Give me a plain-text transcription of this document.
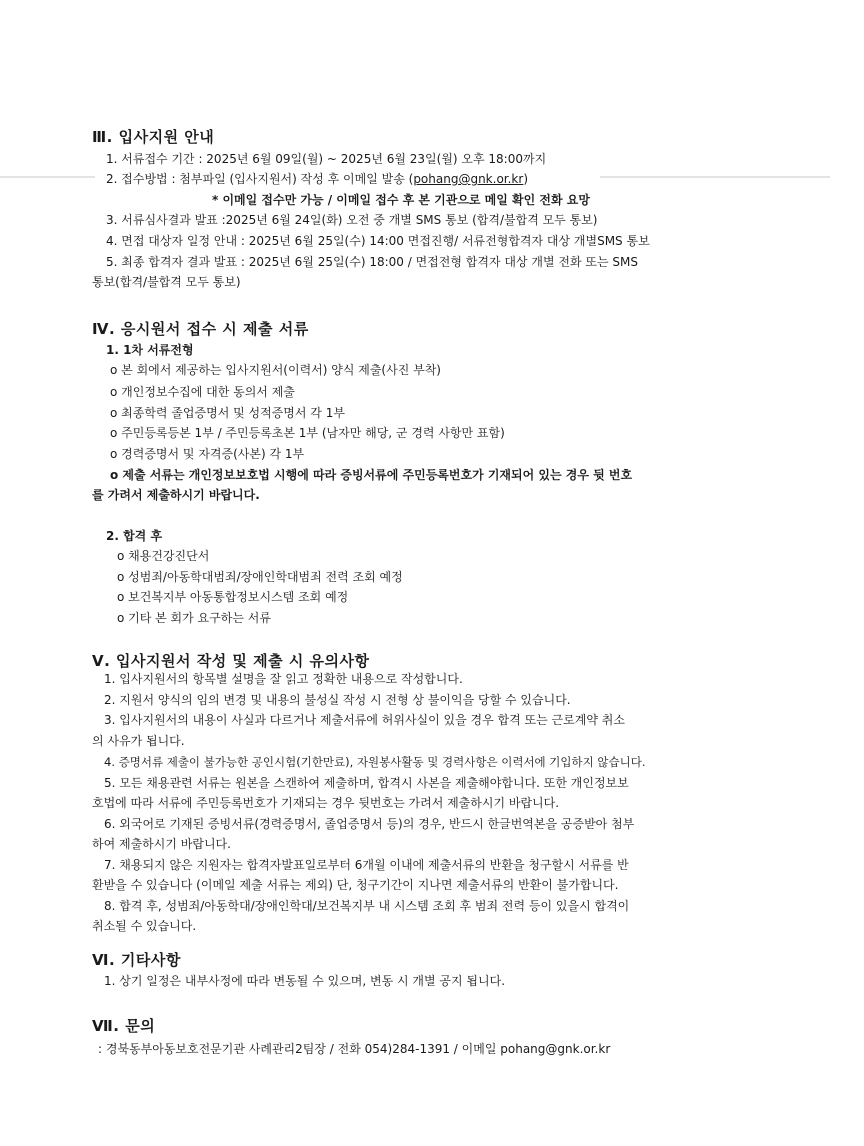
Ⅲ. 입사지원 안내
1. 서류접수 기간 : 2025년 6월 09일(월) ~ 2025년 6월 23일(월) 오후 18:00까지
2. 접수방법 : 첨부파일 (입사지원서) 작성 후 이메일 발송 (pohang@gnk.or.kr)
* 이메일 접수만 가능 / 이메일 접수 후 본 기관으로 메일 확인 전화 요망
3. 서류심사결과 발표 :2025년 6월 24일(화) 오전 중 개별 SMS 통보 (합격/불합격 모두 통보)
4. 면접 대상자 일정 안내 : 2025년 6월 25일(수) 14:00 면접진행/ 서류전형합격자 대상 개별SMS 통보
5. 최종 합격자 결과 발표 : 2025년 6월 25일(수) 18:00 / 면접전형 합격자 대상 개별 전화 또는 SMS
통보(합격/불합격 모두 통보)
Ⅳ. 응시원서 접수 시 제출 서류
1. 1차 서류전형
o 본 회에서 제공하는 입사지원서(이력서) 양식 제출(사진 부착)
o 개인정보수집에 대한 동의서 제출
o 최종학력 졸업증명서 및 성적증명서 각 1부
o 주민등록등본 1부 / 주민등록초본 1부 (남자만 해당, 군 경력 사항만 표함)
o 경력증명서 및 자격증(사본) 각 1부
o 제출 서류는 개인정보보호법 시행에 따라 증빙서류에 주민등록번호가 기재되어 있는 경우 뒷 번호
를 가려서 제출하시기 바랍니다.
2. 합격 후
o 채용건강진단서
o 성범죄/아동학대범죄/장애인학대범죄 전력 조회 예정
o 보건복지부 아동통합정보시스템 조회 예정
o 기타 본 회가 요구하는 서류
Ⅴ. 입사지원서 작성 및 제출 시 유의사항
1. 입사지원서의 항목별 설명을 잘 읽고 정확한 내용으로 작성합니다.
2. 지원서 양식의 임의 변경 및 내용의 불성실 작성 시 전형 상 불이익을 당할 수 있습니다.
3. 입사지원서의 내용이 사실과 다르거나 제출서류에 허위사실이 있을 경우 합격 또는 근로계약 취소
의 사유가 됩니다.
4. 증명서류 제출이 불가능한 공인시험(기한만료), 자원봉사활동 및 경력사항은 이력서에 기입하지 않습니다.
5. 모든 채용관련 서류는 원본을 스캔하여 제출하며, 합격시 사본을 제출해야합니다. 또한 개인정보보
호법에 따라 서류에 주민등록번호가 기재되는 경우 뒷번호는 가려서 제출하시기 바랍니다.
6. 외국어로 기재된 증빙서류(경력증명서, 졸업증명서 등)의 경우, 반드시 한글번역본을 공증받아 첨부
하여 제출하시기 바랍니다.
7. 채용되지 않은 지원자는 합격자발표일로부터 6개월 이내에 제출서류의 반환을 청구할시 서류를 반
환받을 수 있습니다 (이메일 제출 서류는 제외) 단, 청구기간이 지나면 제출서류의 반환이 불가합니다.
8. 합격 후, 성범죄/아동학대/장애인학대/보건복지부 내 시스템 조회 후 범죄 전력 등이 있을시 합격이
취소될 수 있습니다.
Ⅵ. 기타사항
1. 상기 일정은 내부사정에 따라 변동될 수 있으며, 변동 시 개별 공지 됩니다.
Ⅶ. 문의
: 경북동부아동보호전문기관 사례관리2팀장 / 전화 054)284-1391 / 이메일 pohang@gnk.or.kr
